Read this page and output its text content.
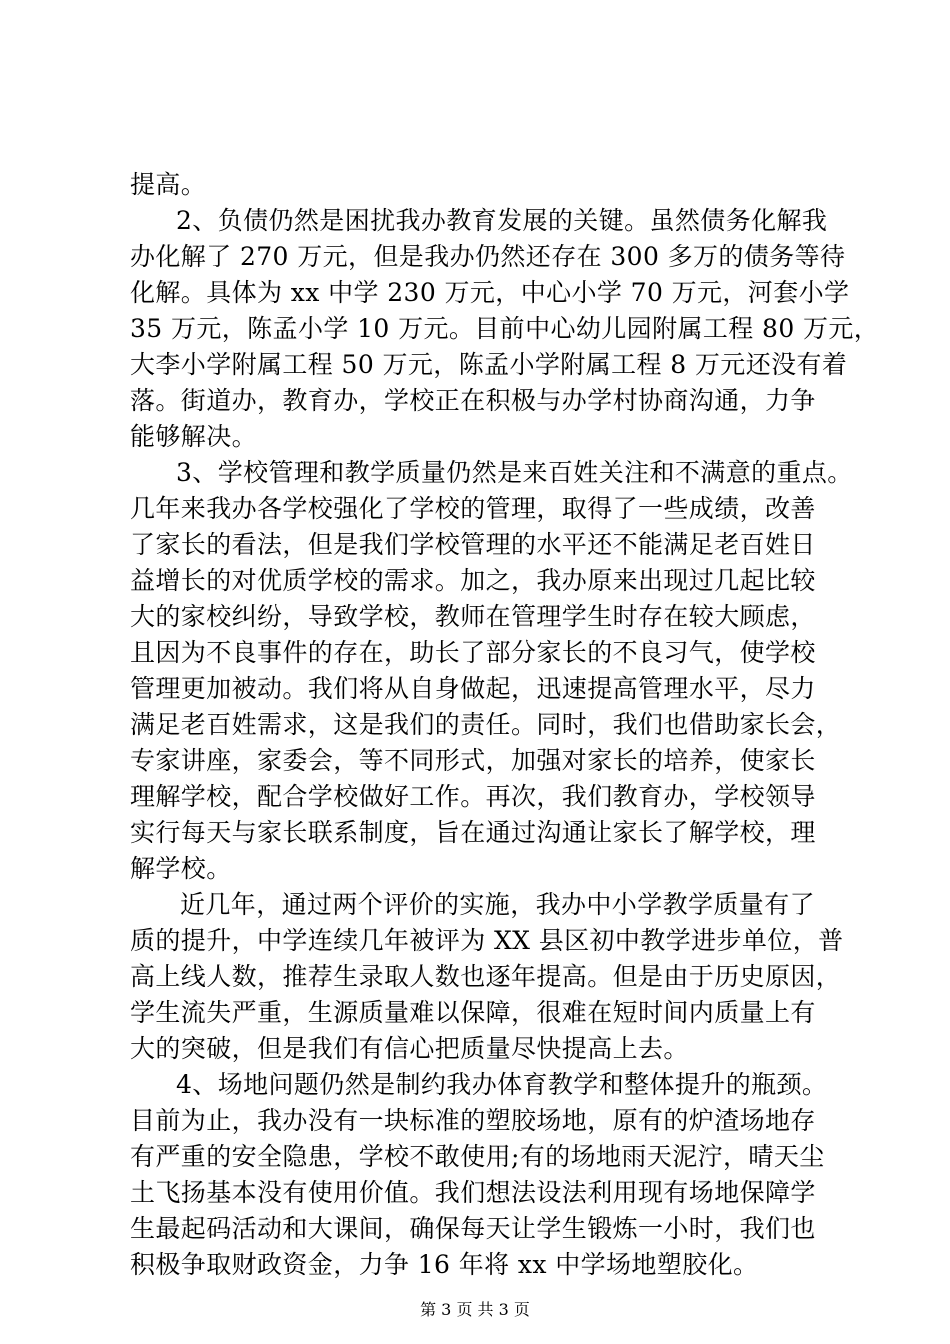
提高。
2、负债仍然是困扰我办教育发展的关键。虽然债务化解我
办化解了 270 万元，但是我办仍然还存在 300 多万的债务等待
化解。具体为 xx 中学 230 万元，中心小学 70 万元，河套小学
35 万元，陈孟小学 10 万元。目前中心幼儿园附属工程 80 万元，
大李小学附属工程 50 万元，陈孟小学附属工程 8 万元还没有着
落。街道办，教育办，学校正在积极与办学村协商沟通，力争
能够解决。
3、学校管理和教学质量仍然是来百姓关注和不满意的重点。
几年来我办各学校强化了学校的管理，取得了一些成绩，改善
了家长的看法，但是我们学校管理的水平还不能满足老百姓日
益增长的对优质学校的需求。加之，我办原来出现过几起比较
大的家校纠纷，导致学校，教师在管理学生时存在较大顾虑，
且因为不良事件的存在，助长了部分家长的不良习气，使学校
管理更加被动。我们将从自身做起，迅速提高管理水平，尽力
满足老百姓需求，这是我们的责任。同时，我们也借助家长会，
专家讲座，家委会，等不同形式，加强对家长的培养，使家长
理解学校，配合学校做好工作。再次，我们教育办，学校领导
实行每天与家长联系制度，旨在通过沟通让家长了解学校，理
解学校。
近几年，通过两个评价的实施，我办中小学教学质量有了
质的提升，中学连续几年被评为 XX 县区初中教学进步单位，普
高上线人数，推荐生录取人数也逐年提高。但是由于历史原因，
学生流失严重，生源质量难以保障，很难在短时间内质量上有
大的突破，但是我们有信心把质量尽快提高上去。
4、场地问题仍然是制约我办体育教学和整体提升的瓶颈。
目前为止，我办没有一块标准的塑胶场地，原有的炉渣场地存
有严重的安全隐患，学校不敢使用;有的场地雨天泥泞，晴天尘
土飞扬基本没有使用价值。我们想法设法利用现有场地保障学
生最起码活动和大课间，确保每天让学生锻炼一小时，我们也
积极争取财政资金，力争 16 年将 xx 中学场地塑胶化。
第 3 页 共 3 页
